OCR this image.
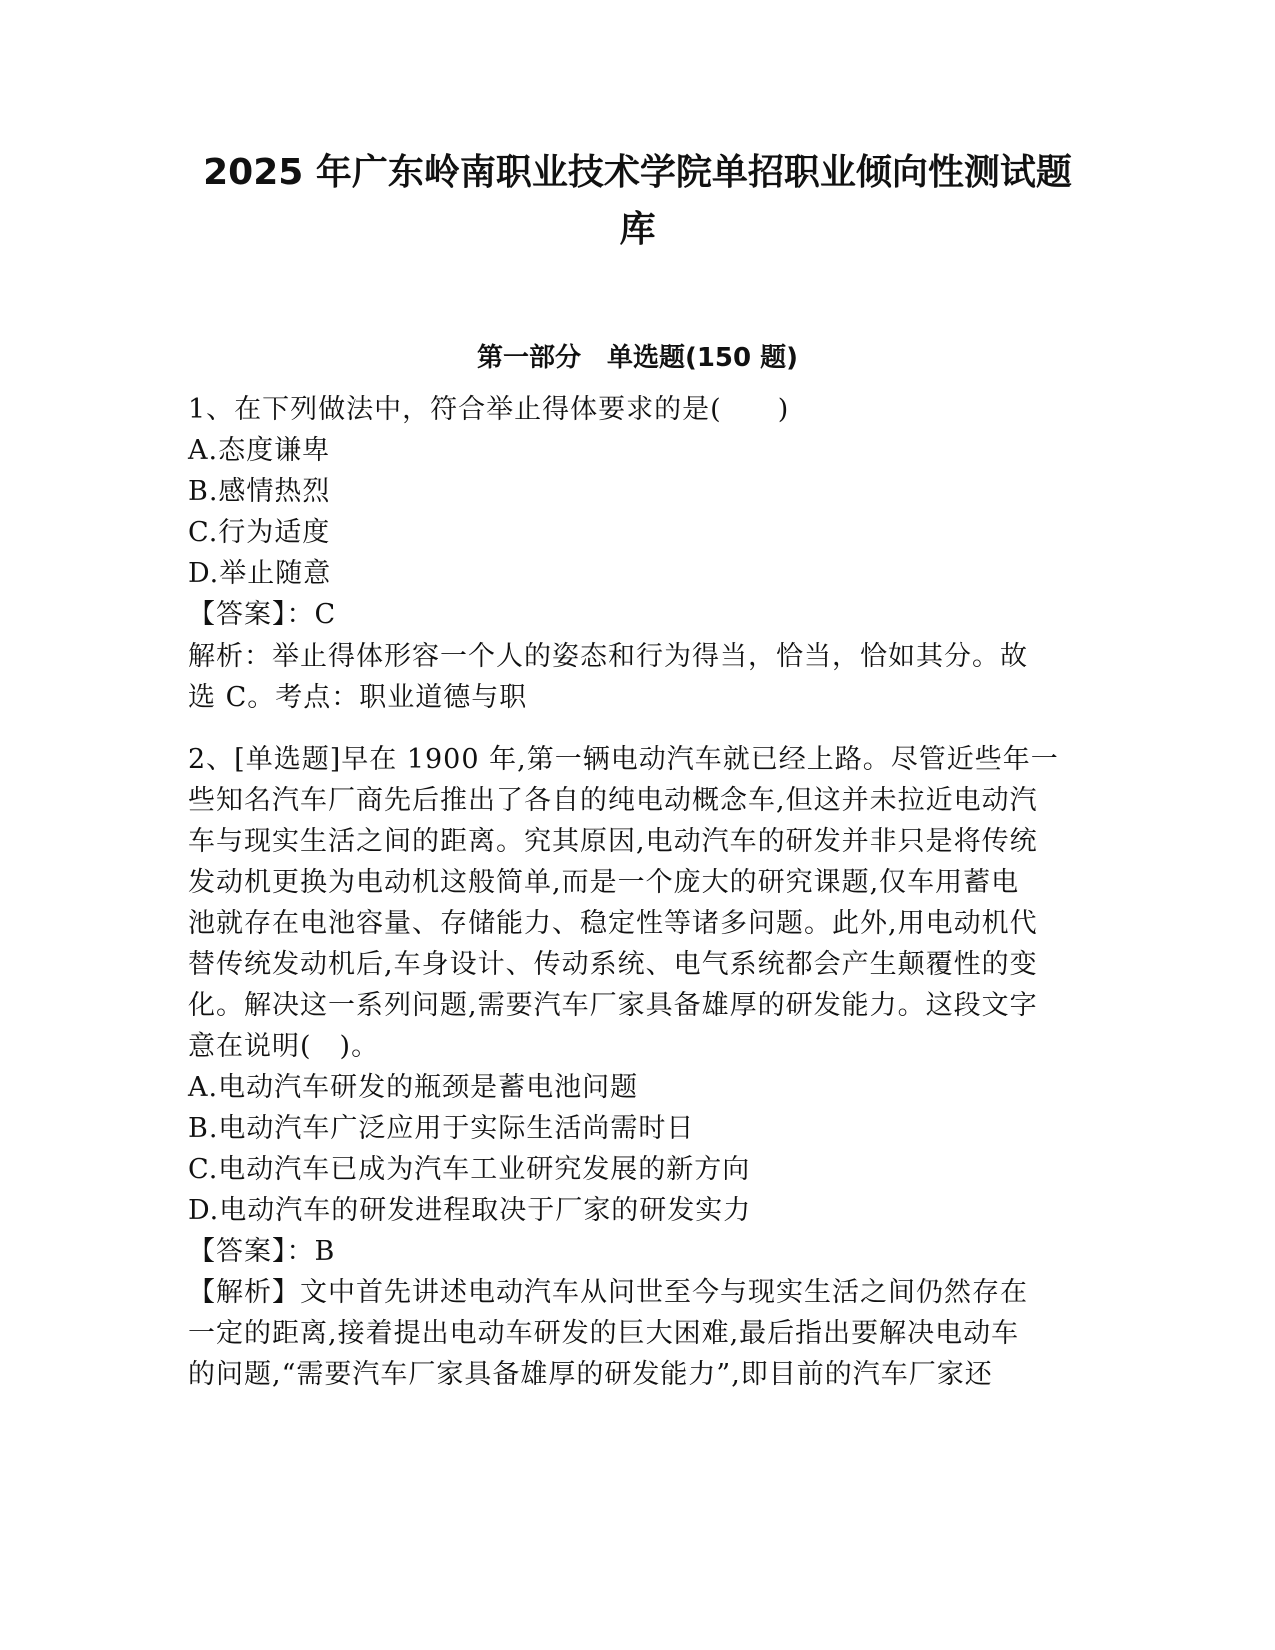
2025 年广东岭南职业技术学院单招职业倾向性测试题
库
第一部分　单选题(150 题)

1、在下列做法中，符合举止得体要求的是(　　)

A.态度谦卑

B.感情热烈

C.行为适度

D.举止随意

【答案】：C

解析：举止得体形容一个人的姿态和行为得当，恰当，恰如其分。故

选 C。考点：职业道德与职

2、[单选题]早在 1900 年,第一辆电动汽车就已经上路。尽管近些年一

些知名汽车厂商先后推出了各自的纯电动概念车,但这并未拉近电动汽

车与现实生活之间的距离。究其原因,电动汽车的研发并非只是将传统

发动机更换为电动机这般简单,而是一个庞大的研究课题,仅车用蓄电

池就存在电池容量、存储能力、稳定性等诸多问题。此外,用电动机代

替传统发动机后,车身设计、传动系统、电气系统都会产生颠覆性的变

化。解决这一系列问题,需要汽车厂家具备雄厚的研发能力。这段文字

意在说明(　)。

A.电动汽车研发的瓶颈是蓄电池问题

B.电动汽车广泛应用于实际生活尚需时日

C.电动汽车已成为汽车工业研究发展的新方向

D.电动汽车的研发进程取决于厂家的研发实力

【答案】：B

【解析】文中首先讲述电动汽车从问世至今与现实生活之间仍然存在

一定的距离,接着提出电动车研发的巨大困难,最后指出要解决电动车

的问题,“需要汽车厂家具备雄厚的研发能力”,即目前的汽车厂家还
